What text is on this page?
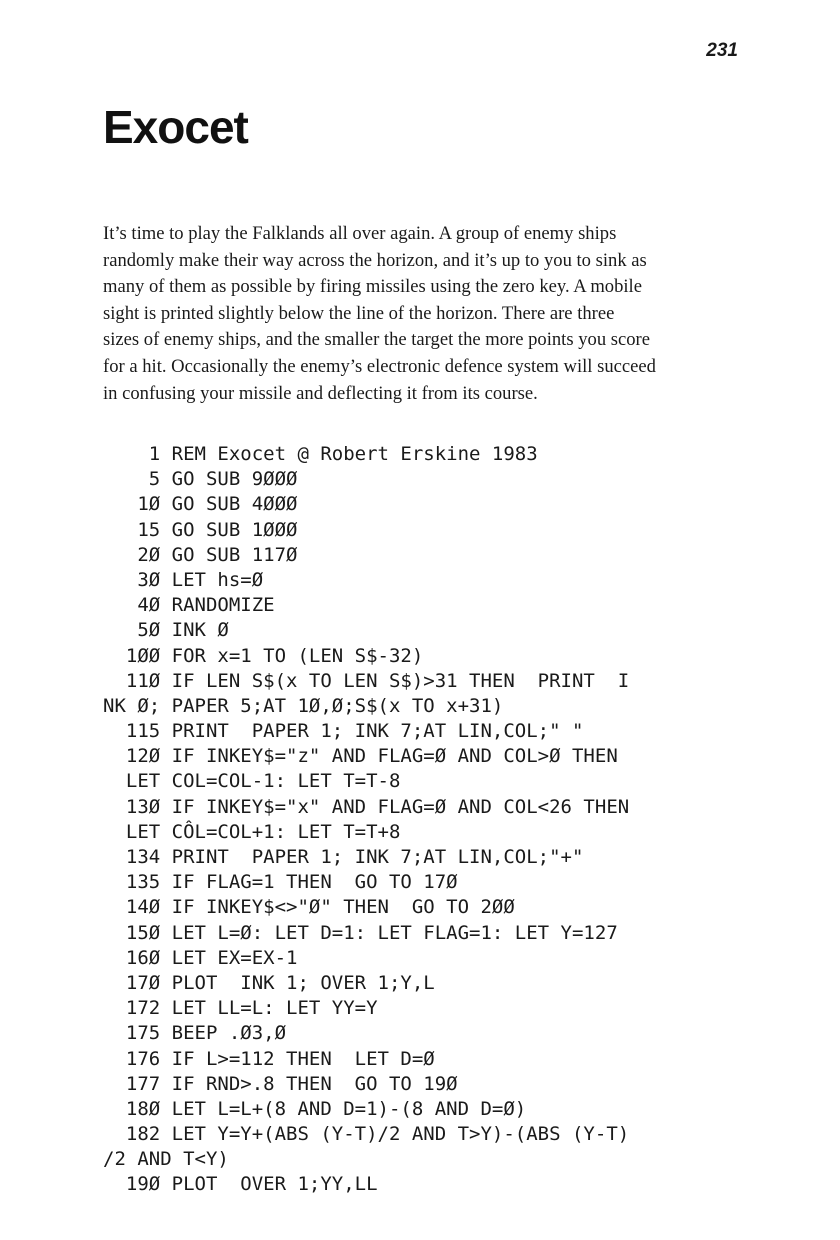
231
Exocet
It’s time to play the Falklands all over again. A group of enemy ships
randomly make their way across the horizon, and it’s up to you to sink as
many of them as possible by firing missiles using the zero key. A mobile
sight is printed slightly below the line of the horizon. There are three
sizes of enemy ships, and the smaller the target the more points you score
for a hit. Occasionally the enemy’s electronic defence system will succeed
in confusing your missile and deflecting it from its course.
1 REM Exocet @ Robert Erskine 1983
5 GO SUB 9ØØØ
1Ø GO SUB 4ØØØ
15 GO SUB 1ØØØ
2Ø GO SUB 117Ø
3Ø LET hs=Ø
4Ø RANDOMIZE
5Ø INK Ø
1ØØ FOR x=1 TO (LEN S$-32)
11Ø IF LEN S$(x TO LEN S$)>31 THEN  PRINT  I
NK Ø; PAPER 5;AT 1Ø,Ø;S$(x TO x+31)
115 PRINT  PAPER 1; INK 7;AT LIN,COL;" "
12Ø IF INKEY$="z" AND FLAG=Ø AND COL>Ø THEN
LET COL=COL-1: LET T=T-8
13Ø IF INKEY$="x" AND FLAG=Ø AND COL<26 THEN
LET CÔL=COL+1: LET T=T+8
134 PRINT  PAPER 1; INK 7;AT LIN,COL;"+"
135 IF FLAG=1 THEN  GO TO 17Ø
14Ø IF INKEY$<>"Ø" THEN  GO TO 2ØØ
15Ø LET L=Ø: LET D=1: LET FLAG=1: LET Y=127
16Ø LET EX=EX-1
17Ø PLOT  INK 1; OVER 1;Y,L
172 LET LL=L: LET YY=Y
175 BEEP .Ø3,Ø
176 IF L>=112 THEN  LET D=Ø
177 IF RND>.8 THEN  GO TO 19Ø
18Ø LET L=L+(8 AND D=1)-(8 AND D=Ø)
182 LET Y=Y+(ABS (Y-T)/2 AND T>Y)-(ABS (Y-T)
/2 AND T<Y)
19Ø PLOT  OVER 1;YY,LL
